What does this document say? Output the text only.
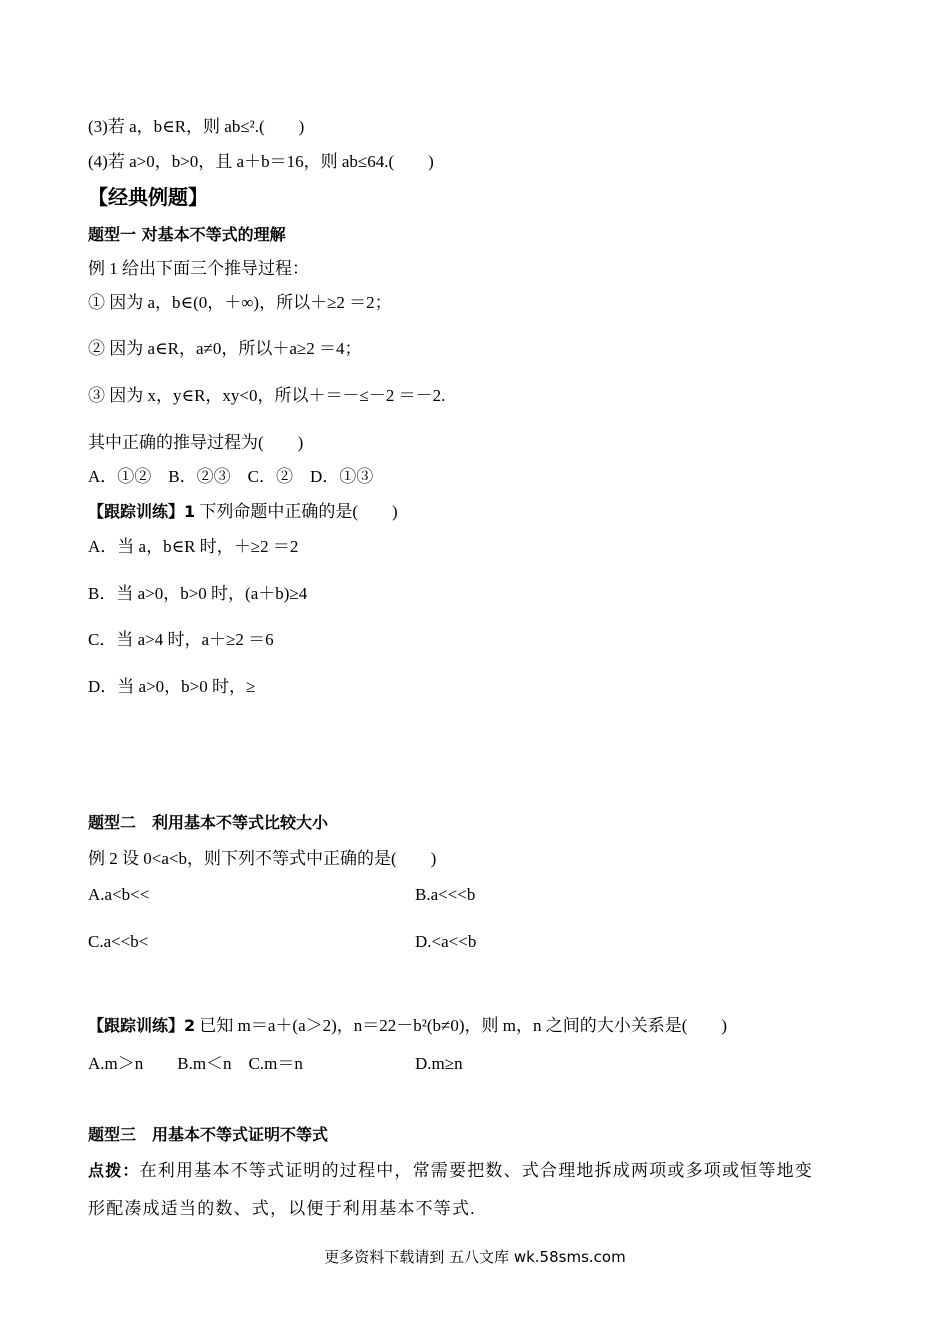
(3)若 a，b∈R，则 ab≤².(　　)
(4)若 a>0，b>0，且 a＋b＝16，则 ab≤64.(　　)
【经典例题】
题型一 对基本不等式的理解
例 1 给出下面三个推导过程：
① 因为 a，b∈(0，＋∞)，所以＋≥2 ＝2；
② 因为 a∈R，a≠0，所以＋a≥2 ＝4；
③ 因为 x，y∈R，xy<0，所以＋＝－≤－2 ＝－2.
其中正确的推导过程为(　　)
A．①②　B．②③　C．②　D．①③
【跟踪训练】1 下列命题中正确的是(　　)
A．当 a，b∈R 时，＋≥2 ＝2
B．当 a>0，b>0 时，(a＋b)≥4
C．当 a>4 时，a＋≥2 ＝6
D．当 a>0，b>0 时，≥
题型二　利用基本不等式比较大小
例 2 设 0<a<b，则下列不等式中正确的是(　　)
A.a<b<<	B.a<<<b
C.a<<b<	D.<a<<b
【跟踪训练】2 已知 m＝a＋(a＞2)，n＝22－b²(b≠0)，则 m，n 之间的大小关系是(　　)
A.m＞n　　B.m＜n　C.m＝n	D.m≥n
题型三　用基本不等式证明不等式
点拨：在利用基本不等式证明的过程中，常需要把数、式合理地拆成两项或多项或恒等地变
形配凑成适当的数、式，以便于利用基本不等式.
更多资料下载请到 五八文库 wk.58sms.com
